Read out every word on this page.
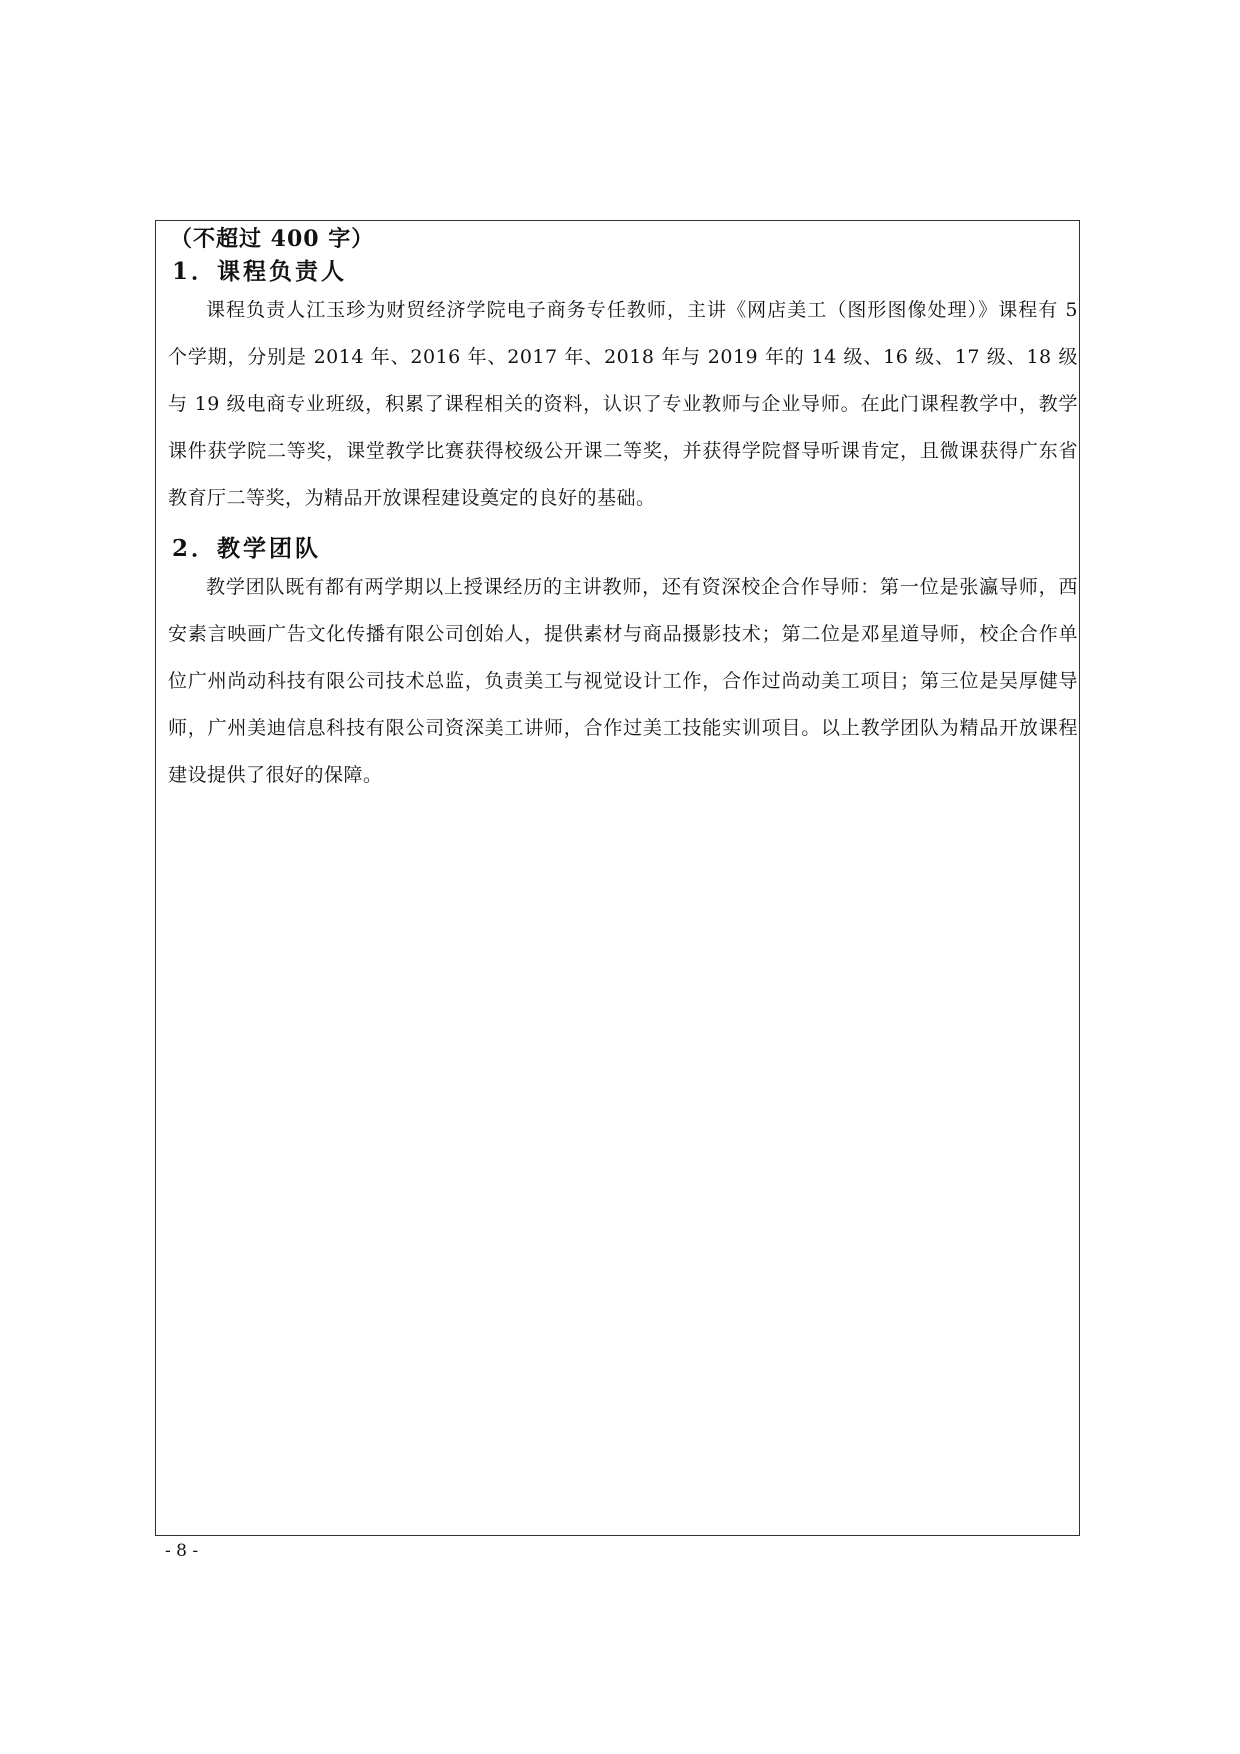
（不超过 400 字）
1．课程负责人

课程负责人江玉珍为财贸经济学院电子商务专任教师，主讲《网店美工（图形图像处理）》课程有 5 个学期，分别是 2014 年、2016 年、2017 年、2018 年与 2019 年的 14 级、16 级、17 级、18 级与 19 级电商专业班级，积累了课程相关的资料，认识了专业教师与企业导师。在此门课程教学中，教学课件获学院二等奖，课堂教学比赛获得校级公开课二等奖，并获得学院督导听课肯定，且微课获得广东省教育厅二等奖，为精品开放课程建设奠定的良好的基础。

2．教学团队

教学团队既有都有两学期以上授课经历的主讲教师，还有资深校企合作导师：第一位是张瀛导师，西安素言映画广告文化传播有限公司创始人，提供素材与商品摄影技术；第二位是邓星道导师，校企合作单位广州尚动科技有限公司技术总监，负责美工与视觉设计工作，合作过尚动美工项目；第三位是吴厚健导师，广州美迪信息科技有限公司资深美工讲师，合作过美工技能实训项目。以上教学团队为精品开放课程建设提供了很好的保障。

- 8 -
